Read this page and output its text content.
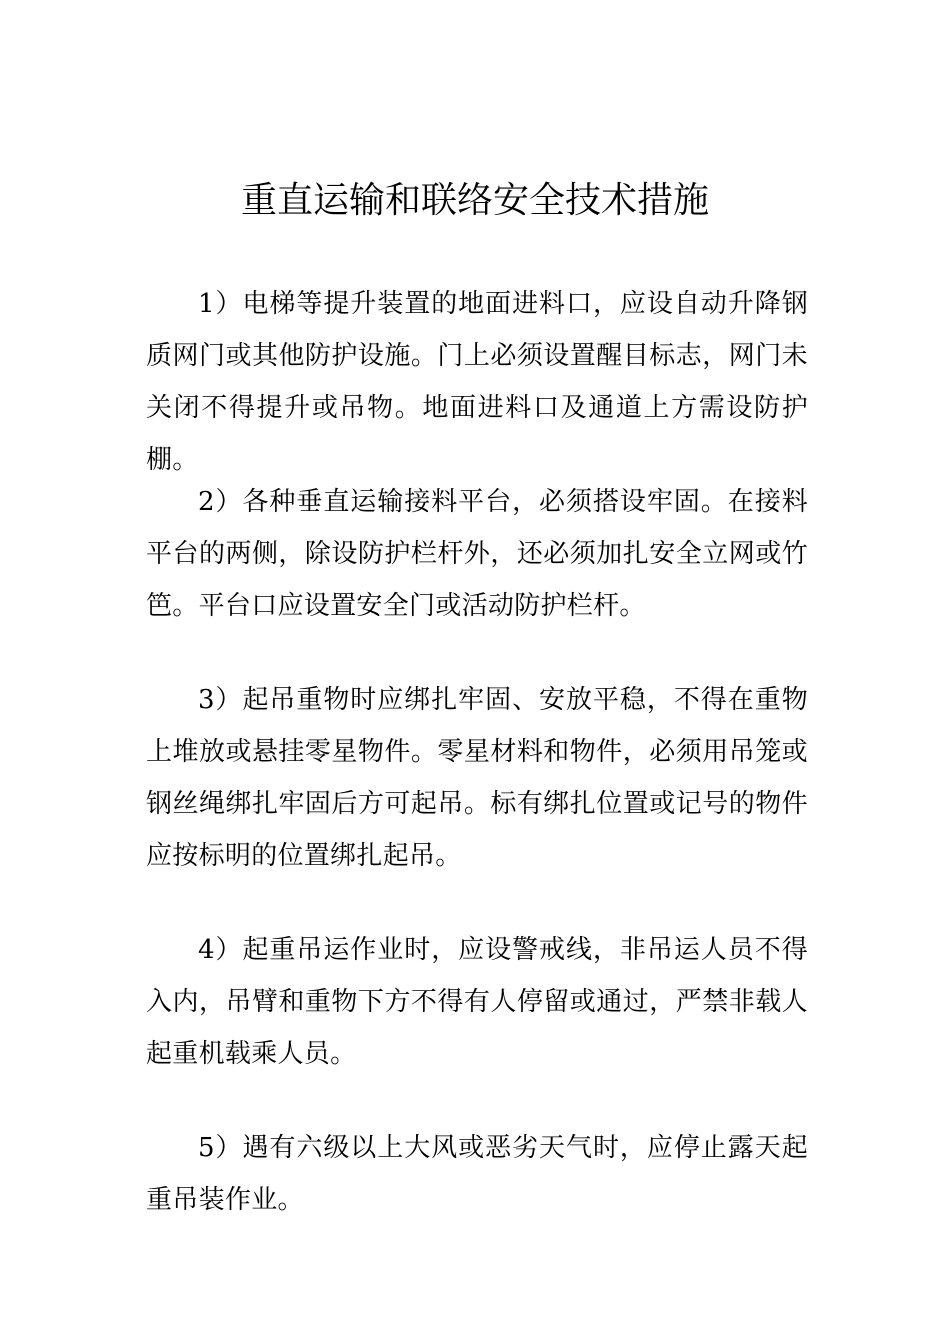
重直运输和联络安全技术措施

1）电梯等提升装置的地面进料口，应设自动升降钢质网门或其他防护设施。门上必须设置醒目标志，网门未关闭不得提升或吊物。地面进料口及通道上方需设防护棚。

2）各种垂直运输接料平台，必须搭设牢固。在接料平台的两侧，除设防护栏杆外，还必须加扎安全立网或竹笆。平台口应设置安全门或活动防护栏杆。

3）起吊重物时应绑扎牢固、安放平稳，不得在重物上堆放或悬挂零星物件。零星材料和物件，必须用吊笼或钢丝绳绑扎牢固后方可起吊。标有绑扎位置或记号的物件应按标明的位置绑扎起吊。

4）起重吊运作业时，应设警戒线，非吊运人员不得入内，吊臂和重物下方不得有人停留或通过，严禁非载人起重机载乘人员。

5）遇有六级以上大风或恶劣天气时，应停止露天起重吊装作业。
